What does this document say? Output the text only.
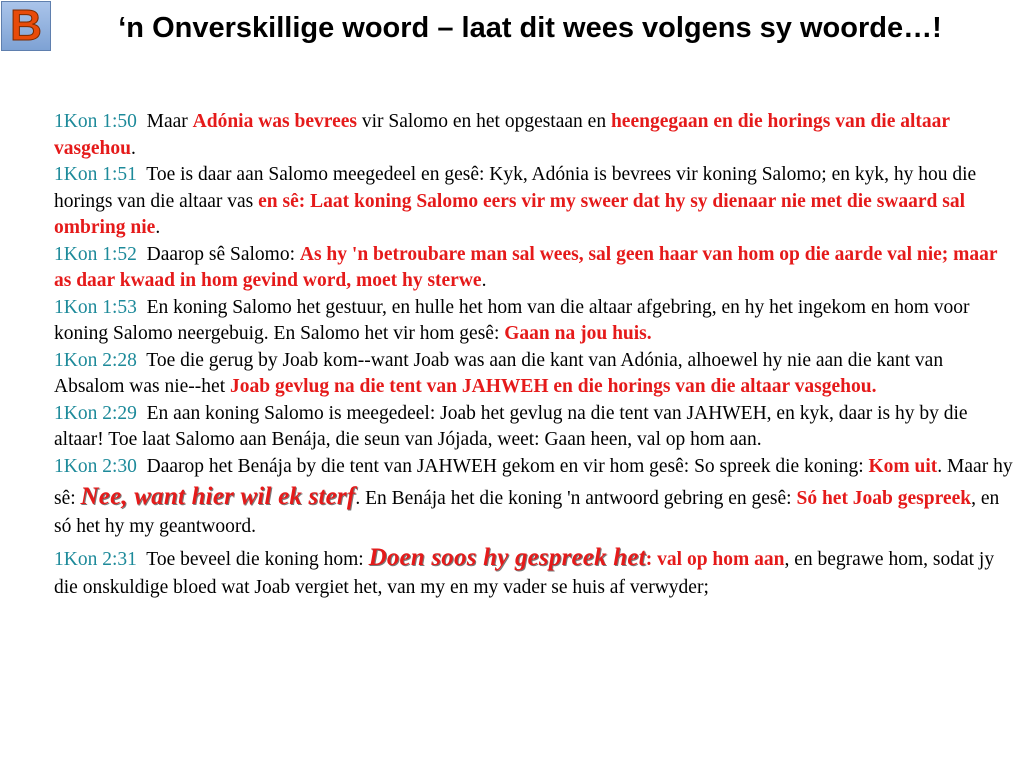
B	‘n Onverskillige woord – laat dit wees volgens sy woorde…!

1Kon 1:50 Maar Adónia was bevrees vir Salomo en het opgestaan en heengegaan en die horings van die altaar vasgehou.

1Kon 1:51 Toe is daar aan Salomo meegedeel en gesê: Kyk, Adónia is bevrees vir koning Salomo; en kyk, hy hou die horings van die altaar vas en sê: Laat koning Salomo eers vir my sweer dat hy sy dienaar nie met die swaard sal ombring nie.

1Kon 1:52 Daarop sê Salomo: As hy 'n betroubare man sal wees, sal geen haar van hom op die aarde val nie; maar as daar kwaad in hom gevind word, moet hy sterwe.

1Kon 1:53 En koning Salomo het gestuur, en hulle het hom van die altaar afgebring, en hy het ingekom en hom voor koning Salomo neergebuig. En Salomo het vir hom gesê: Gaan na jou huis.

1Kon 2:28 Toe die gerug by Joab kom--want Joab was aan die kant van Adónia, alhoewel hy nie aan die kant van Absalom was nie--het Joab gevlug na die tent van JAHWEH en die horings van die altaar vasgehou.

1Kon 2:29 En aan koning Salomo is meegedeel: Joab het gevlug na die tent van JAHWEH, en kyk, daar is hy by die altaar! Toe laat Salomo aan Benája, die seun van Jójada, weet: Gaan heen, val op hom aan.

1Kon 2:30 Daarop het Benája by die tent van JAHWEH gekom en vir hom gesê: So spreek die koning: Kom uit. Maar hy sê: Nee, want hier wil ek sterf. En Benája het die koning 'n antwoord gebring en gesê: Só het Joab gespreek, en só het hy my geantwoord.

1Kon 2:31 Toe beveel die koning hom: Doen soos hy gespreek het: val op hom aan, en begrawe hom, sodat jy die onskuldige bloed wat Joab vergiet het, van my en my vader se huis af verwyder;
